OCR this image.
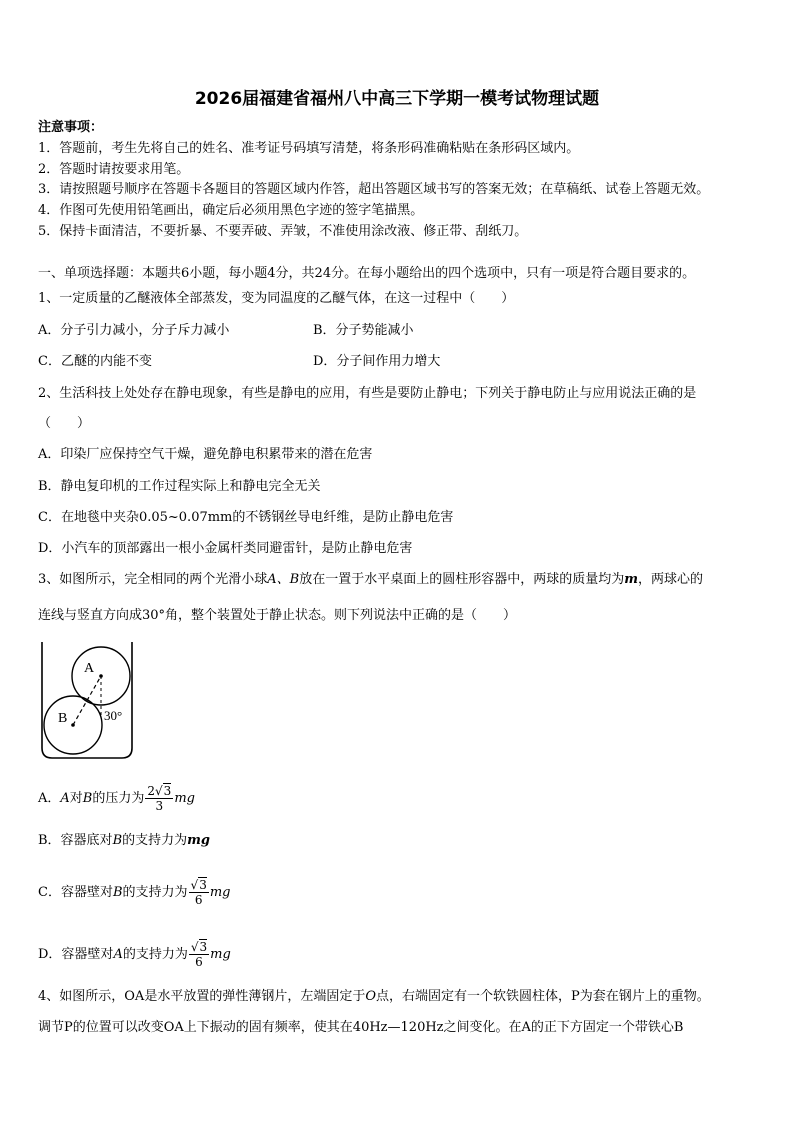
2026届福建省福州八中高三下学期一模考试物理试题
注意事项：
1．答题前，考生先将自己的姓名、准考证号码填写清楚，将条形码准确粘贴在条形码区域内。
2．答题时请按要求用笔。
3．请按照题号顺序在答题卡各题目的答题区域内作答，超出答题区域书写的答案无效；在草稿纸、试卷上答题无效。
4．作图可先使用铅笔画出，确定后必须用黑色字迹的签字笔描黑。
5．保持卡面清洁，不要折暴、不要弄破、弄皱，不准使用涂改液、修正带、刮纸刀。
一、单项选择题：本题共6小题，每小题4分，共24分。在每小题给出的四个选项中，只有一项是符合题目要求的。
1、一定质量的乙醚液体全部蒸发，变为同温度的乙醚气体，在这一过程中（　　）
A．分子引力减小，分子斥力减小	B．分子势能减小
C．乙醚的内能不变	D．分子间作用力增大
2、生活科技上处处存在静电现象，有些是静电的应用，有些是要防止静电；下列关于静电防止与应用说法正确的是
（　　）
A．印染厂应保持空气干燥，避免静电积累带来的潜在危害
B．静电复印机的工作过程实际上和静电完全无关
C．在地毯中夹杂0.05~0.07mm的不锈钢丝导电纤维，是防止静电危害
D．小汽车的顶部露出一根小金属杆类同避雷针，是防止静电危害
3、如图所示，完全相同的两个光滑小球A、B放在一置于水平桌面上的圆柱形容器中，两球的质量均为m，两球心的
连线与竖直方向成30°角，整个装置处于静止状态。则下列说法中正确的是（　　）
A
B	30°
A．A对B的压力为 $\frac{2√3}{3}$ mg
B．容器底对B的支持力为mg
C．容器壁对B的支持力为 $\frac{√3}{6}$ mg
D．容器壁对A的支持力为 $\frac{√3}{6}$ mg
4、如图所示，OA是水平放置的弹性薄钢片，左端固定于O点，右端固定有一个软铁圆柱体，P为套在钢片上的重物。
调节P的位置可以改变OA上下振动的固有频率，使其在40Hz—120Hz之间变化。在A的正下方固定一个带铁心B
